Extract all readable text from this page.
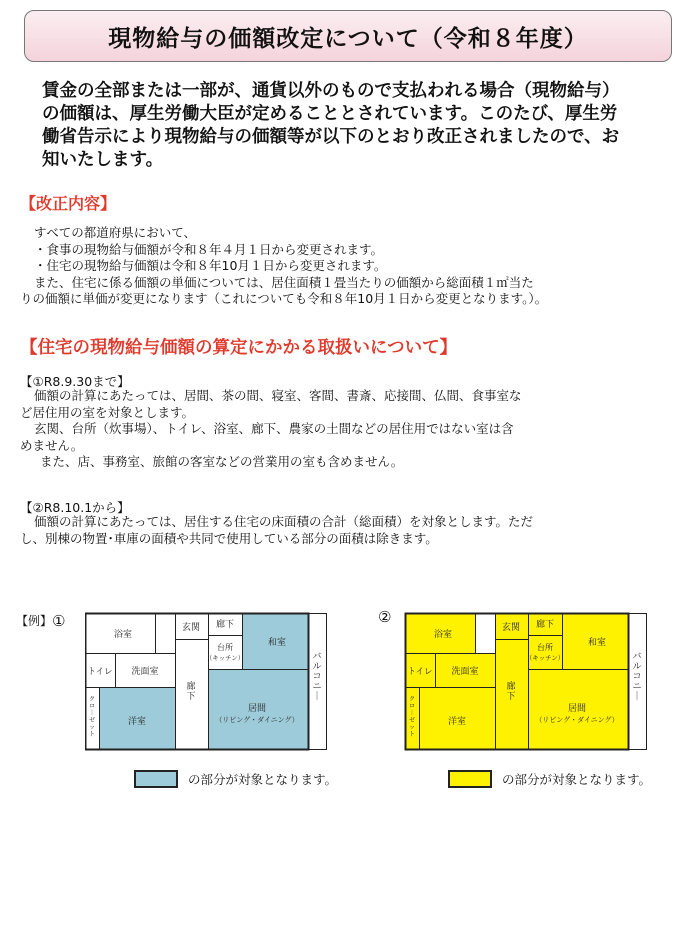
現物給与の価額改定について（令和８年度）

賃金の全部または一部が、通貨以外のもので支払われる場合（現物給与）

の価額は、厚生労働大臣が定めることとされています。このたび、厚生労

働省告示により現物給与の価額等が以下のとおり改正されましたので、お

知いたします。

【改正内容】

すべての都道府県において、

・食事の現物給与価額が令和８年４月１日から変更されます。

・住宅の現物給与価額は令和８年10月１日から変更されます。

また、住宅に係る価額の単価については、居住面積１畳当たりの価額から総面積１㎡当た

りの価額に単価が変更になります（これについても令和８年10月１日から変更となります。）。

【住宅の現物給与価額の算定にかかる取扱いについて】

【①R8.9.30まで】

価額の計算にあたっては、居間、茶の間、寝室、客間、書斎、応接間、仏間、食事室な

ど居住用の室を対象とします。

玄関、台所（炊事場）、トイレ、浴室、廊下、農家の土間などの居住用ではない室は含

めません。

また、店、事務室、旅館の客室などの営業用の室も含めません。

【②R8.10.1から】

価額の計算にあたっては、居住する住宅の床面積の合計（総面積）を対象とします。ただ

し、別棟の物置･車庫の面積や共同で使用している部分の面積は除きます。

【例】 ①	②

浴室
玄関 廊下
和室
台所
（キッチン）
トイレ 洗面室
廊
下
居間
（リビング・ダイニング）
ク
ロ
｜
ゼ
ッ
ト
洋室
バ
ル
コ
ニ
｜
浴室
玄関 廊下
和室
台所
（キッチン）
トイレ 洗面室
廊
下
居間
（リビング・ダイニング）
ク
ロ
｜
ゼ
ッ
ト
洋室
バ
ル
コ
ニ
｜
の部分が対象となります。	の部分が対象となります。
